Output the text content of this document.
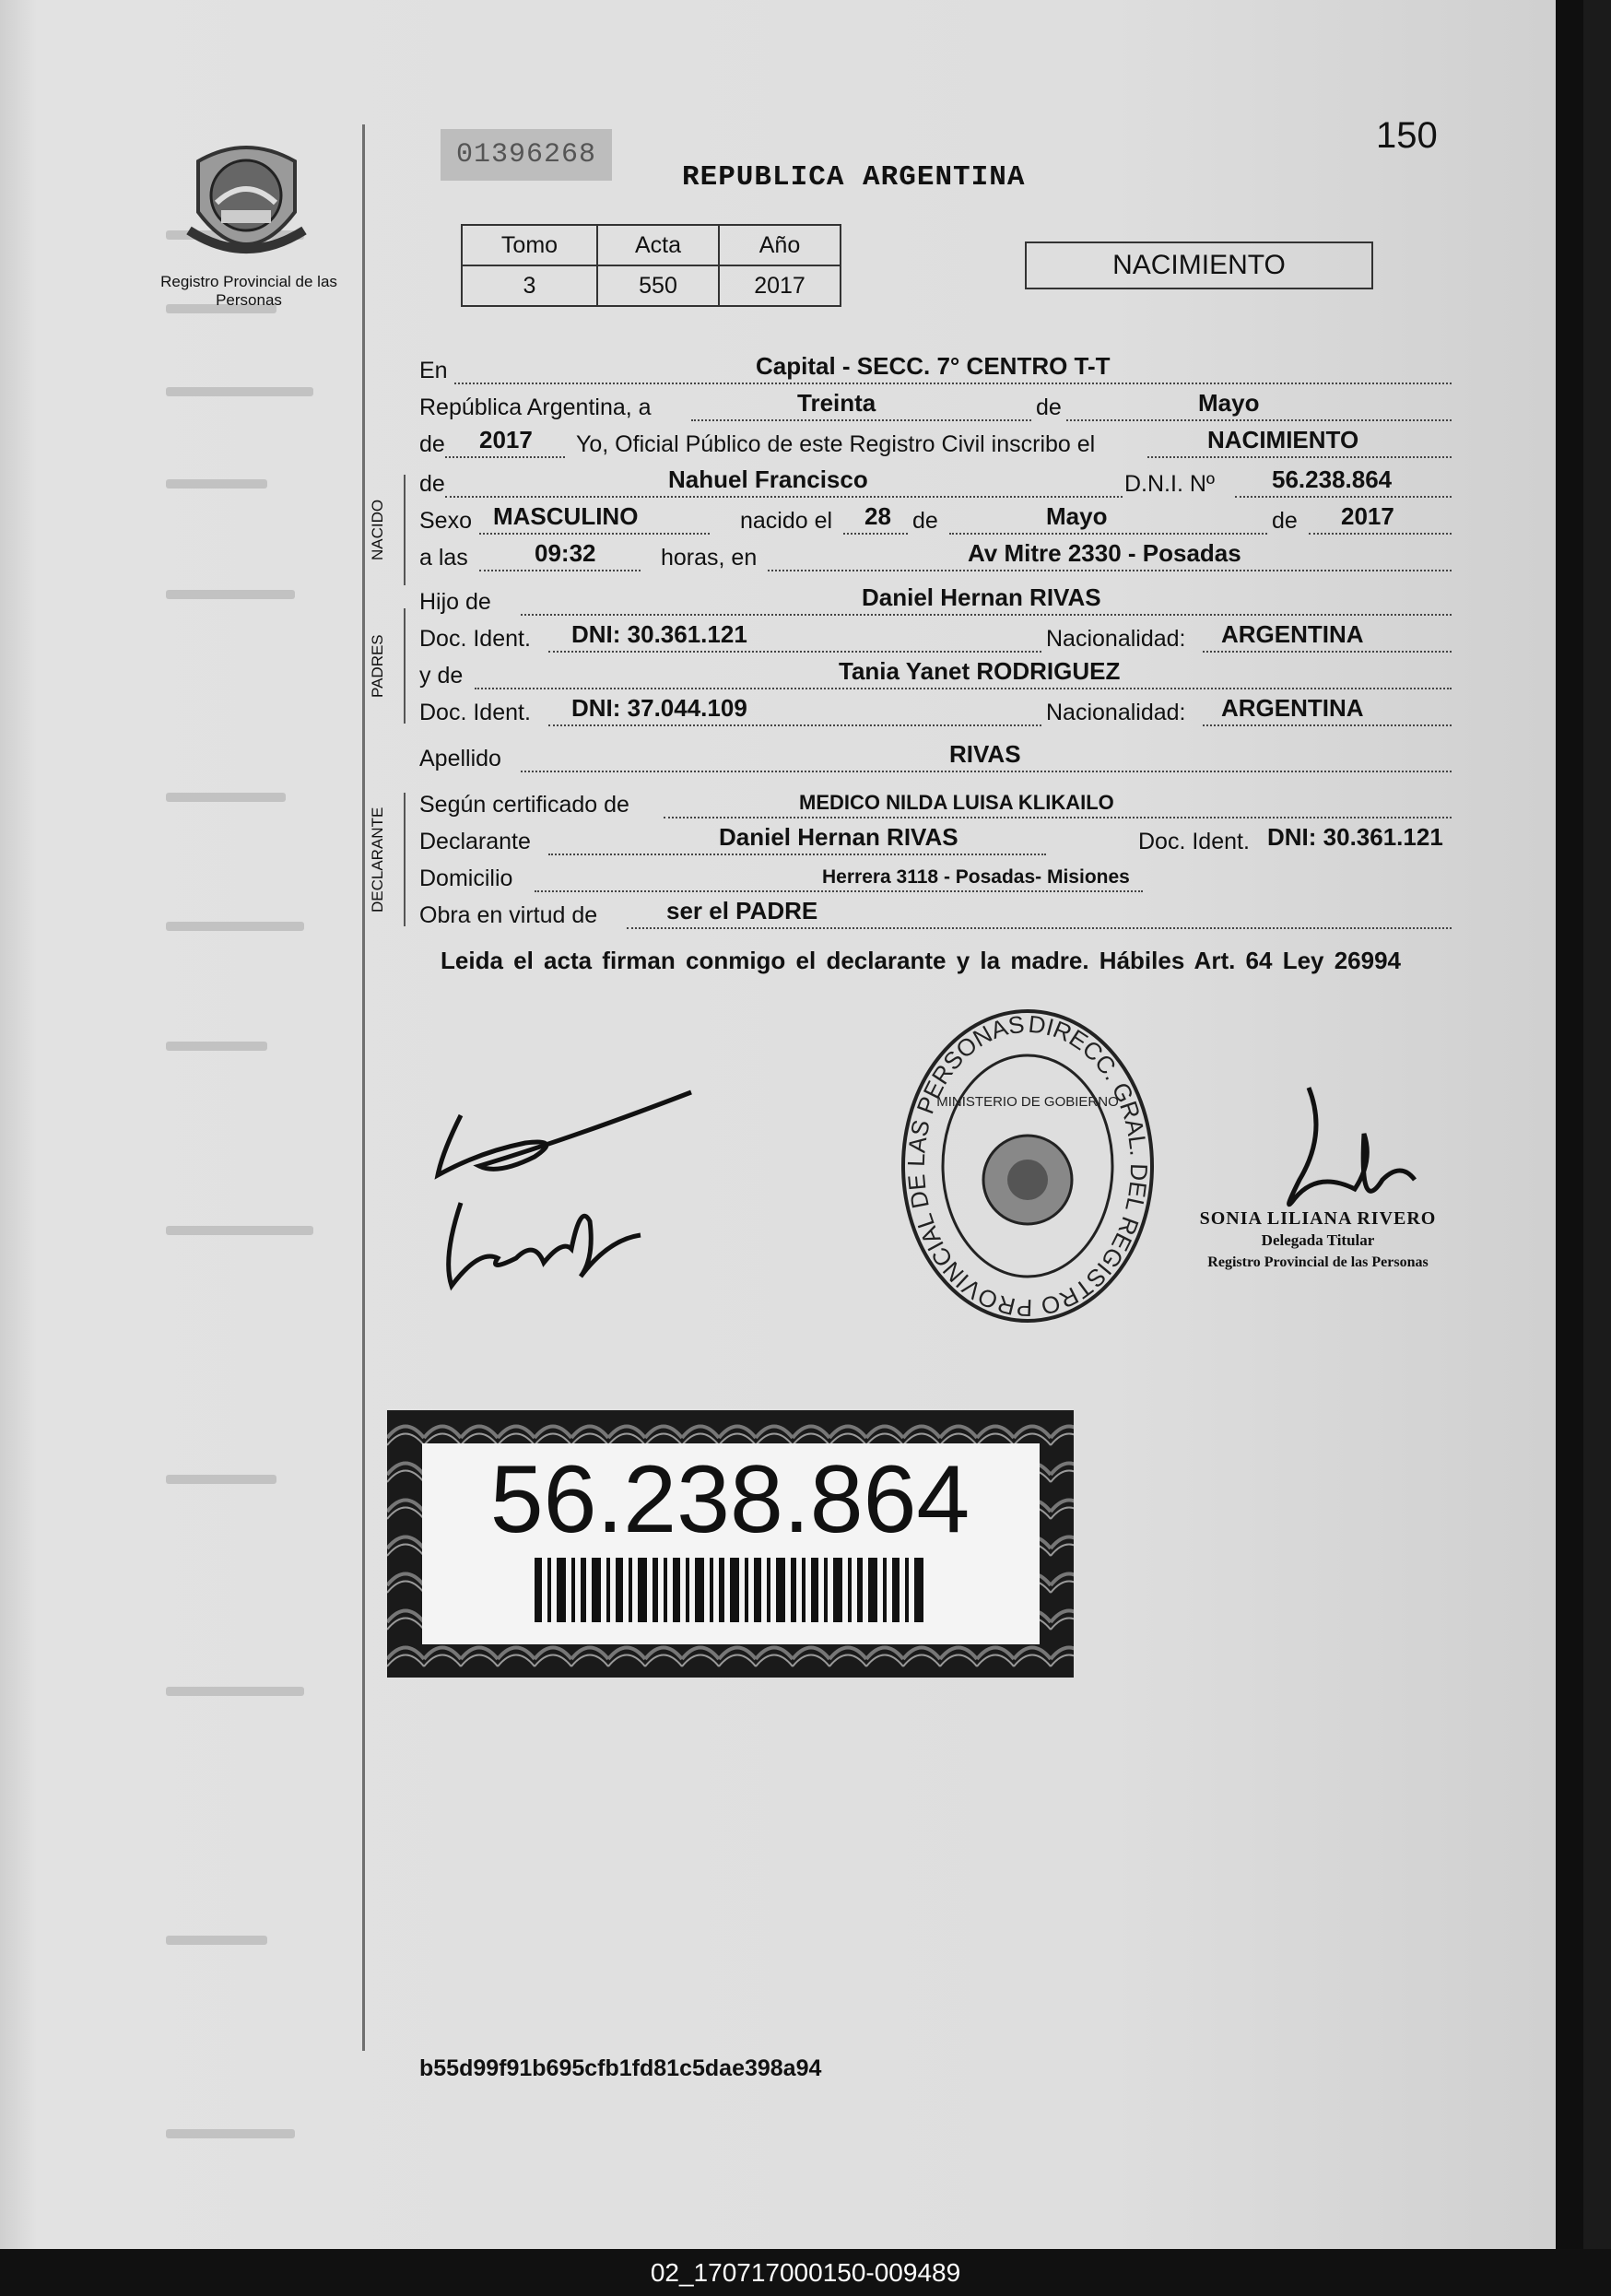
Registro Provincial de las Personas
01396268
REPUBLICA ARGENTINA
150
Tomo	Acta	Año
3	550	2017
NACIMIENTO
En	Capital - SECC. 7° CENTRO T-T
República Argentina, a	Treinta	de	Mayo
de 2017 Yo, Oficial Público de este Registro Civil inscribo el	NACIMIENTO
NACIDO
de	Nahuel Francisco	D.N.I. Nº 56.238.864
Sexo MASCULINO	nacido el 28 de	Mayo	de 2017
a las	09:32	horas, en	Av Mitre 2330 - Posadas
PADRES
Hijo de	Daniel Hernan RIVAS
Doc. Ident. DNI: 30.361.121	Nacionalidad: ARGENTINA
y de	Tania Yanet RODRIGUEZ
Doc. Ident. DNI: 37.044.109	Nacionalidad: ARGENTINA
Apellido	RIVAS
DECLARANTE
Según certificado de	MEDICO NILDA LUISA KLIKAILO
Declarante	Daniel Hernan RIVAS	Doc. Ident. DNI: 30.361.121
Domicilio	Herrera 3118 - Posadas- Misiones
Obra en virtud de	ser el PADRE
Leida el acta firman conmigo el declarante y la madre. Hábiles Art. 64 Ley 26994
DIRECC. GRAL. DEL REGISTRO PROVINCIAL DE LAS PERSONAS
MINISTERIO DE GOBIERNO
SONIA LILIANA RIVERO
Delegada Titular
Registro Provincial de las Personas
56.238.864
b55d99f91b695cfb1fd81c5dae398a94
02_170717000150-009489
